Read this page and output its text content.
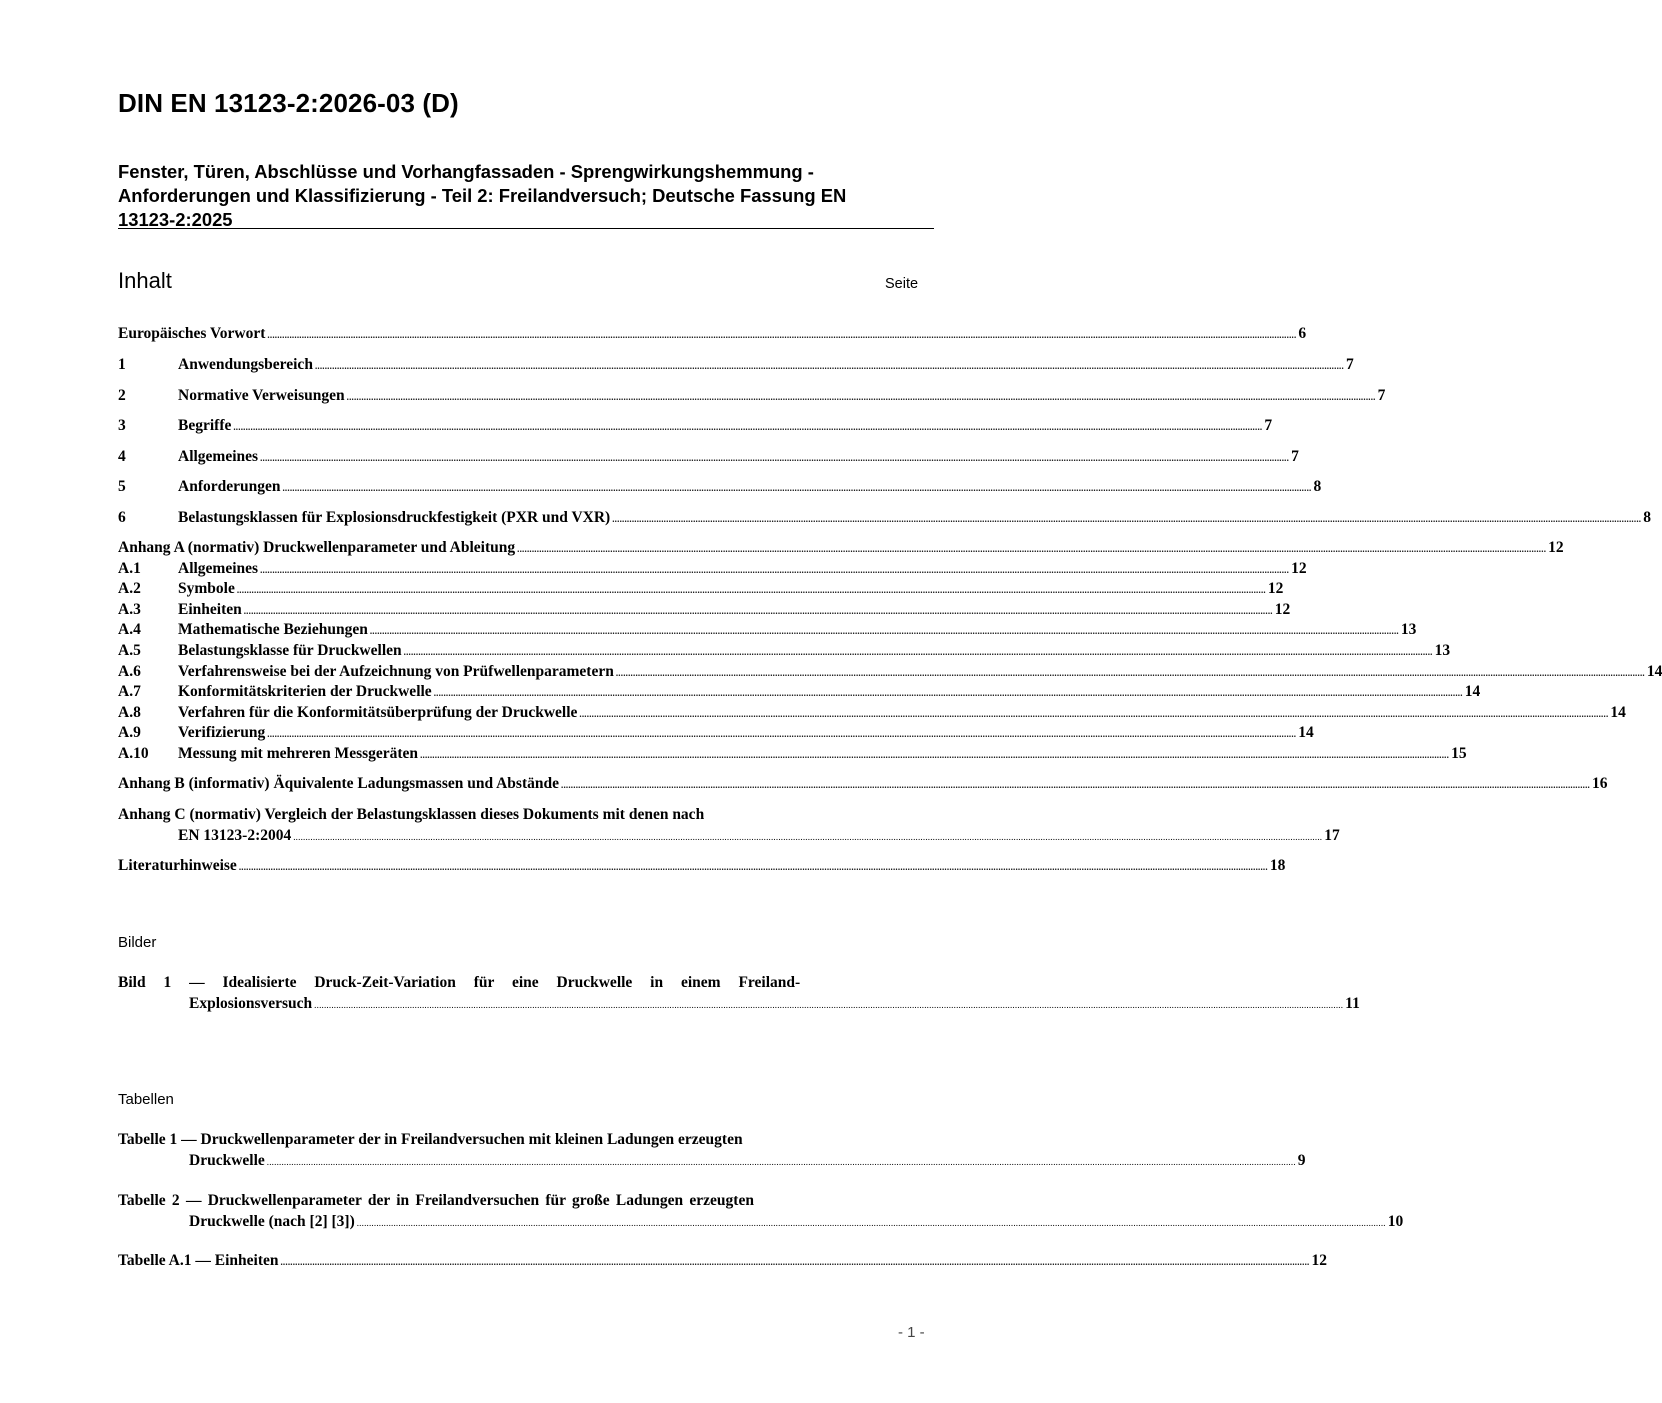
DIN EN 13123-2:2026-03 (D)
Fenster, Türen, Abschlüsse und Vorhangfassaden - Sprengwirkungshemmung -
Anforderungen und Klassifizierung - Teil 2: Freilandversuch; Deutsche Fassung EN
13123-2:2025
Inhalt	Seite
Europäisches Vorwort .................................................................................................................................................................................................................................................................................................................................................................................................................................... 6
1	Anwendungsbereich .................................................................................................................................................................................................................................................................................................................................................................................................................................... 7
2	Normative Verweisungen .................................................................................................................................................................................................................................................................................................................................................................................................................................... 7
3	Begriffe .................................................................................................................................................................................................................................................................................................................................................................................................................................... 7
4	Allgemeines .................................................................................................................................................................................................................................................................................................................................................................................................................................... 7
5	Anforderungen .................................................................................................................................................................................................................................................................................................................................................................................................................................... 8
6	Belastungsklassen für Explosionsdruckfestigkeit (PXR und VXR) .................................................................................................................................................................................................................................................................................................................................................................................................................................... 8
Anhang A (normativ) Druckwellenparameter und Ableitung .................................................................................................................................................................................................................................................................................................................................................................................................................................... 12
A.1	Allgemeines .................................................................................................................................................................................................................................................................................................................................................................................................................................... 12
A.2	Symbole .................................................................................................................................................................................................................................................................................................................................................................................................................................... 12
A.3	Einheiten .................................................................................................................................................................................................................................................................................................................................................................................................................................... 12
A.4	Mathematische Beziehungen .................................................................................................................................................................................................................................................................................................................................................................................................................................... 13
A.5	Belastungsklasse für Druckwellen .................................................................................................................................................................................................................................................................................................................................................................................................................................... 13
A.6	Verfahrensweise bei der Aufzeichnung von Prüfwellenparametern .................................................................................................................................................................................................................................................................................................................................................................................................................................... 14
A.7	Konformitätskriterien der Druckwelle .................................................................................................................................................................................................................................................................................................................................................................................................................................... 14
A.8	Verfahren für die Konformitätsüberprüfung der Druckwelle .................................................................................................................................................................................................................................................................................................................................................................................................................................... 14
A.9	Verifizierung .................................................................................................................................................................................................................................................................................................................................................................................................................................... 14
A.10	Messung mit mehreren Messgeräten .................................................................................................................................................................................................................................................................................................................................................................................................................................... 15
Anhang B (informativ) Äquivalente Ladungsmassen und Abstände .................................................................................................................................................................................................................................................................................................................................................................................................................................... 16
Anhang C (normativ) Vergleich der Belastungsklassen dieses Dokuments mit denen nach
EN 13123-2:2004 .................................................................................................................................................................................................................................................................................................................................................................................................................................... 17
Literaturhinweise .................................................................................................................................................................................................................................................................................................................................................................................................................................... 18
Bilder
Bild 1 — Idealisierte Druck-Zeit-Variation für eine Druckwelle in einem Freiland-
Explosionsversuch .................................................................................................................................................................................................................................................................................................................................................................................................................................... 11
Tabellen
Tabelle 1 — Druckwellenparameter der in Freilandversuchen mit kleinen Ladungen erzeugten
Druckwelle .................................................................................................................................................................................................................................................................................................................................................................................................................................... 9
Tabelle 2 — Druckwellenparameter der in Freilandversuchen für große Ladungen erzeugten
Druckwelle (nach [2] [3]) .................................................................................................................................................................................................................................................................................................................................................................................................................................... 10
Tabelle A.1 — Einheiten .................................................................................................................................................................................................................................................................................................................................................................................................................................... 12
- 1 -
